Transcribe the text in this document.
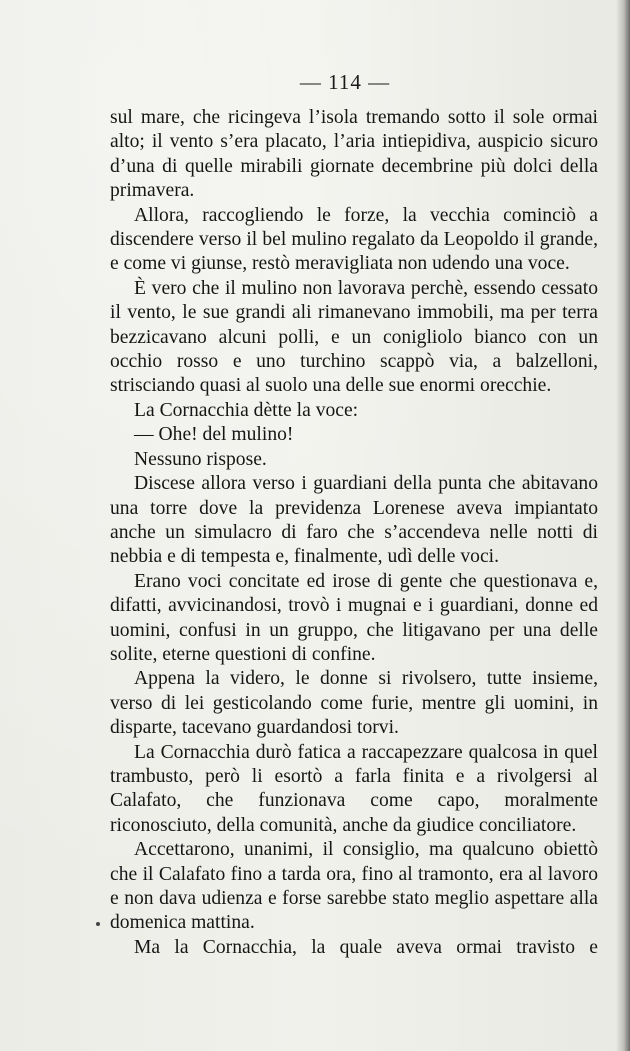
— 114 —

sul mare, che ricingeva l’isola tremando sotto il sole ormai alto; il vento s’era placato, l’aria intiepidiva, auspicio sicuro d’una di quelle mirabili giornate decembrine più dolci della primavera.

Allora, raccogliendo le forze, la vecchia cominciò a discendere verso il bel mulino regalato da Leopoldo il grande, e come vi giunse, restò meravigliata non udendo una voce.

È vero che il mulino non lavorava perchè, essendo cessato il vento, le sue grandi ali rimanevano immobili, ma per terra bezzicavano alcuni polli, e un conigliolo bianco con un occhio rosso e uno turchino scappò via, a balzelloni, strisciando quasi al suolo una delle sue enormi orecchie.

La Cornacchia dètte la voce:

— Ohe! del mulino!

Nessuno rispose.

Discese allora verso i guardiani della punta che abitavano una torre dove la previdenza Lorenese aveva impiantato anche un simulacro di faro che s’accendeva nelle notti di nebbia e di tempesta e, finalmente, udì delle voci.

Erano voci concitate ed irose di gente che questionava e, difatti, avvicinandosi, trovò i mugnai e i guardiani, donne ed uomini, confusi in un gruppo, che litigavano per una delle solite, eterne questioni di confine.

Appena la videro, le donne si rivolsero, tutte insieme, verso di lei gesticolando come furie, mentre gli uomini, in disparte, tacevano guardandosi torvi.

La Cornacchia durò fatica a raccapezzare qualcosa in quel trambusto, però li esortò a farla finita e a rivolgersi al Calafato, che funzionava come capo, moralmente riconosciuto, della comunità, anche da giudice conciliatore.

Accettarono, unanimi, il consiglio, ma qualcuno obiettò che il Calafato fino a tarda ora, fino al tramonto, era al lavoro e non dava udienza e forse sarebbe stato meglio aspettare alla domenica mattina.

Ma la Cornacchia, la quale aveva ormai travisto e
